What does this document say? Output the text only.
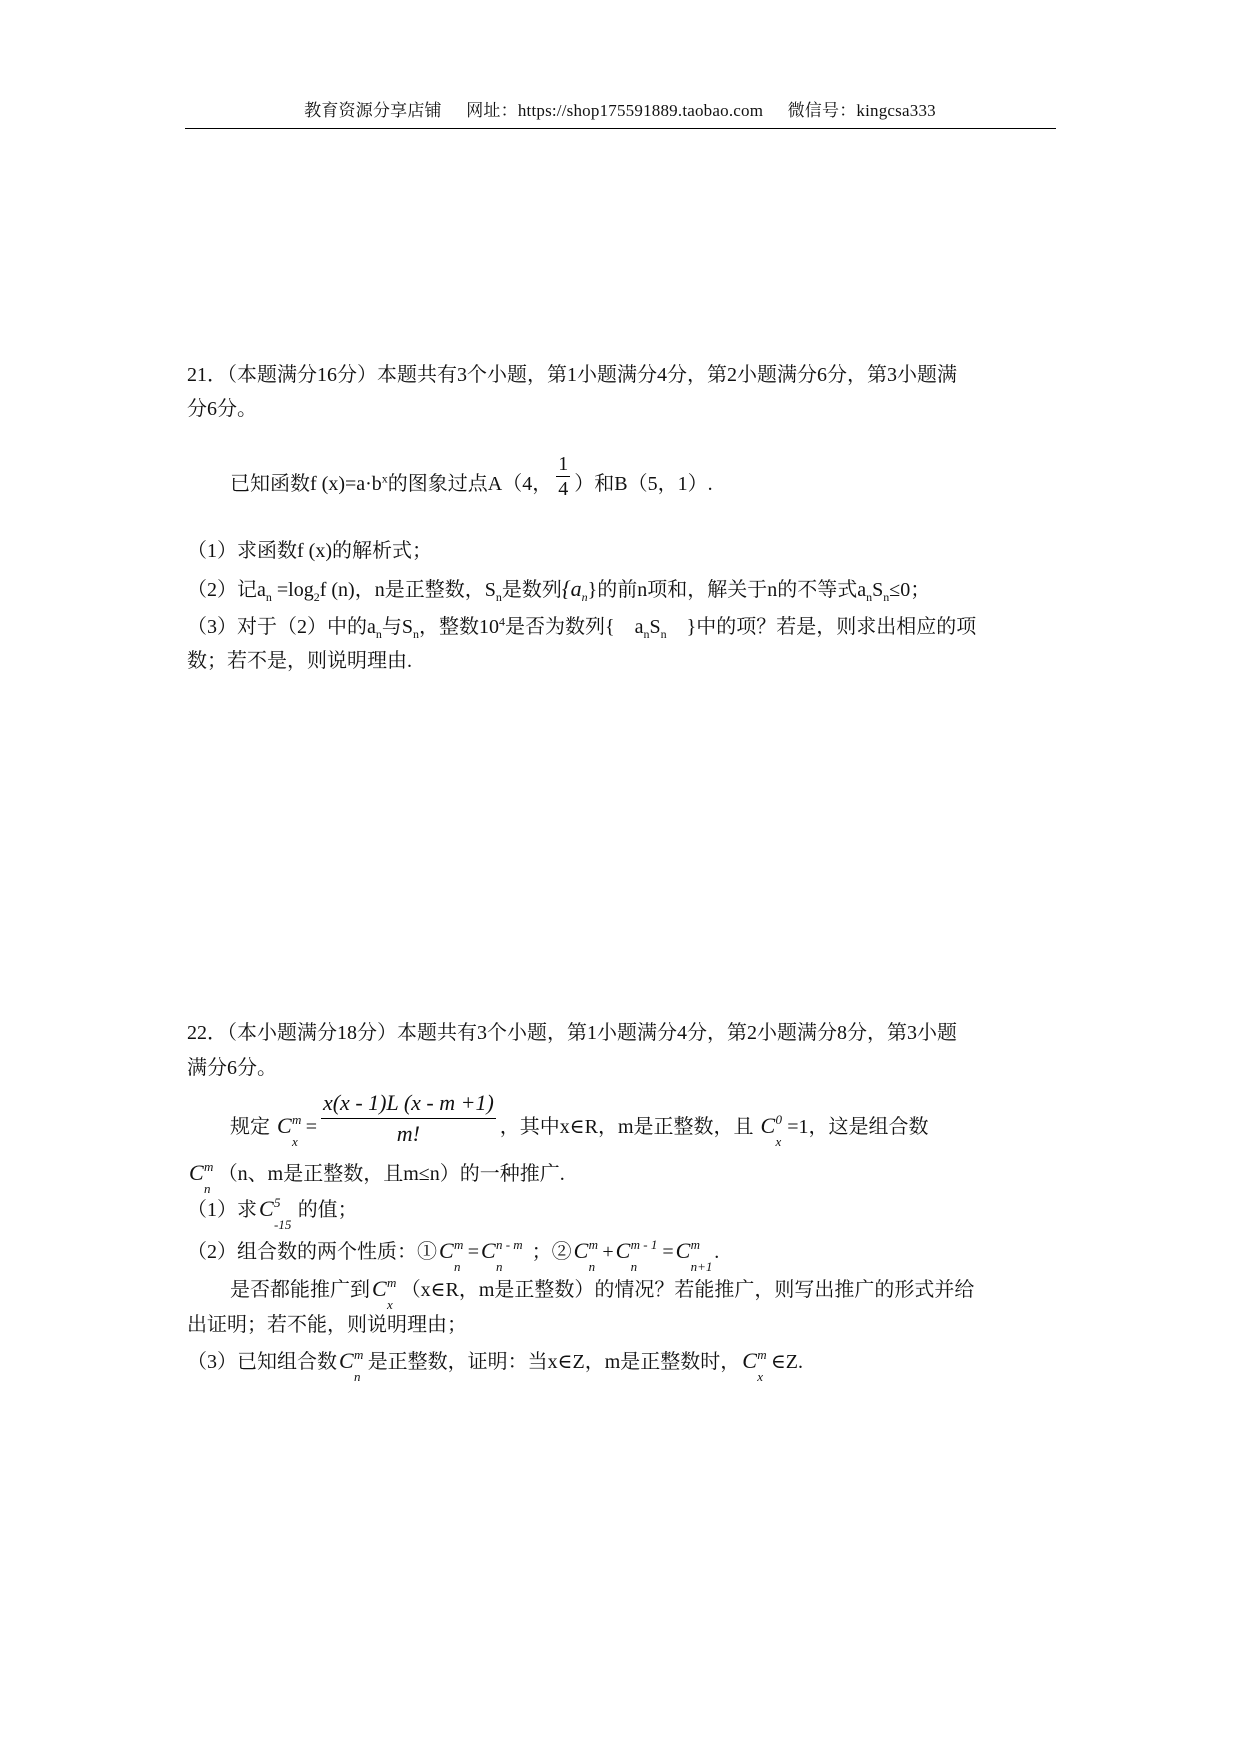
教育资源分享店铺 网址：https://shop175591889.taobao.com 微信号：kingcsa333
21．（本题满分16分）本题共有3个小题，第1小题满分4分，第2小题满分6分，第3小题满
分6分。
已知函数f $(x)=a\cdot b^x$的图象过点A（4， $\frac{1}{4}$ ）和B（5，1）.
（1）求函数f (x)的解析式；
（2）记$a_n =\log_2f$ (n)，n是正整数，$S_n$是数列$\{a_n\}$的前n项和，解关于n的不等式$a_nS_n\le 0$；
（3）对于（2）中的$a_n$与$S_n$，整数$10^4$是否为数列{　$a_nS_n$　}中的项？若是，则求出相应的项
数；若不是，则说明理由.
22．（本小题满分18分）本题共有3个小题，第1小题满分4分，第2小题满分8分，第3小题
满分6分。
规定 C m
x
= $\frac{x(x - 1)L (x - m +1)}{m!}$ ，其中x∈R，m是正整数，且 C 0
x
=1，这是组合数
C m
n
（n、m是正整数，且m≤n）的一种推广.
（1）求C 5
-15
的值；
（2）组合数的两个性质：①C m
n
=C n - m
n
；②C m
n
+C m - 1
n
=C m
n+1
.
是否都能推广到C m
x
（x∈R，m是正整数）的情况？若能推广，则写出推广的形式并给
出证明；若不能，则说明理由；
（3）已知组合数C m
n
是正整数，证明：当x∈Z，m是正整数时，C m
x
∈Z.
